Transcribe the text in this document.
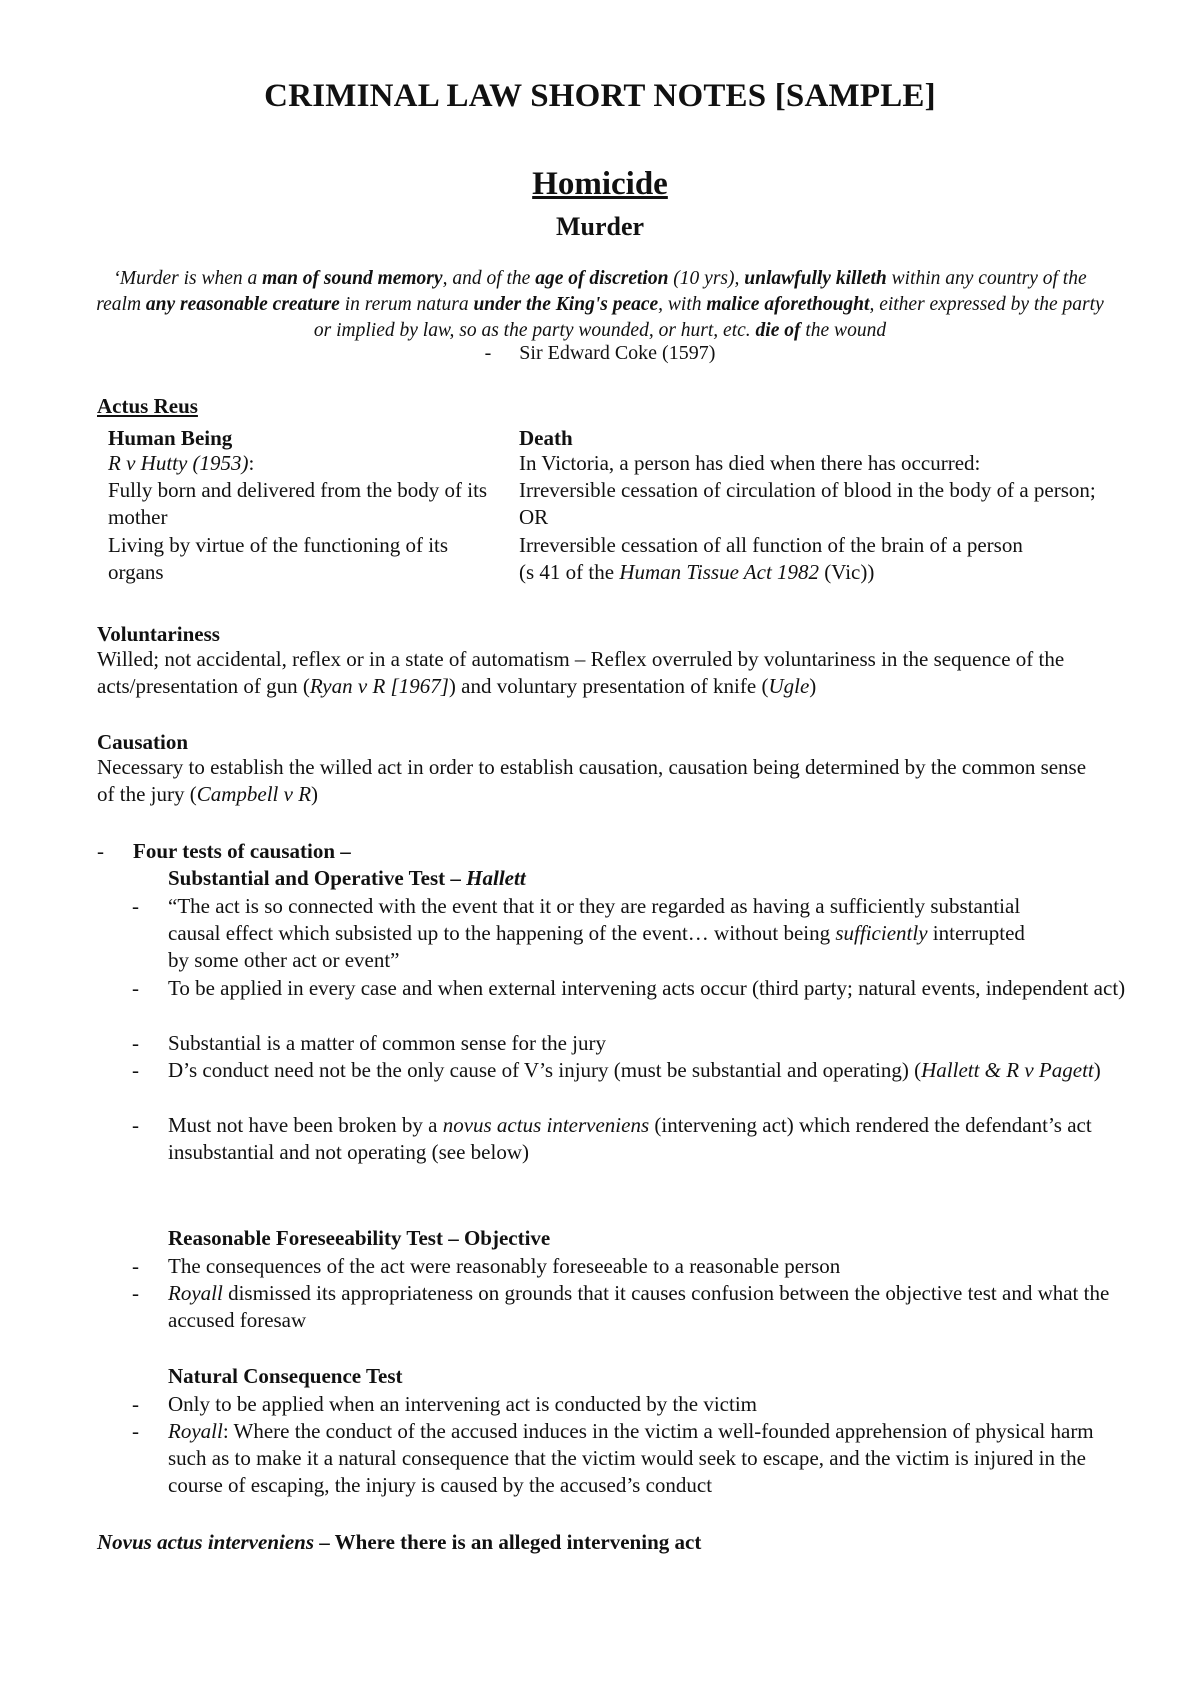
CRIMINAL LAW SHORT NOTES [SAMPLE]
Homicide
Murder
‘Murder is when a man of sound memory, and of the age of discretion (10 yrs), unlawfully killeth within any country of the realm any reasonable creature in rerum natura under the King's peace, with malice aforethought, either expressed by the party or implied by law, so as the party wounded, or hurt, etc. die of the wound
- Sir Edward Coke (1597)
Actus Reus
Human Being
R v Hutty (1953):
Fully born and delivered from the body of its mother
Living by virtue of the functioning of its organs
Death
In Victoria, a person has died when there has occurred:
Irreversible cessation of circulation of blood in the body of a person; OR
Irreversible cessation of all function of the brain of a person
(s 41 of the Human Tissue Act 1982 (Vic))
Voluntariness
Willed; not accidental, reflex or in a state of automatism – Reflex overruled by voluntariness in the sequence of the acts/presentation of gun (Ryan v R [1967]) and voluntary presentation of knife (Ugle)
Causation
Necessary to establish the willed act in order to establish causation, causation being determined by the common sense of the jury (Campbell v R)
- Four tests of causation –
Substantial and Operative Test – Hallett
- “The act is so connected with the event that it or they are regarded as having a sufficiently substantial causal effect which subsisted up to the happening of the event… without being sufficiently interrupted by some other act or event”
- To be applied in every case and when external intervening acts occur (third party; natural events, independent act)
- Substantial is a matter of common sense for the jury
- D’s conduct need not be the only cause of V’s injury (must be substantial and operating) (Hallett & R v Pagett)
- Must not have been broken by a novus actus interveniens (intervening act) which rendered the defendant’s act insubstantial and not operating (see below)
Reasonable Foreseeability Test – Objective
- The consequences of the act were reasonably foreseeable to a reasonable person
- Royall dismissed its appropriateness on grounds that it causes confusion between the objective test and what the accused foresaw
Natural Consequence Test
- Only to be applied when an intervening act is conducted by the victim
- Royall: Where the conduct of the accused induces in the victim a well-founded apprehension of physical harm such as to make it a natural consequence that the victim would seek to escape, and the victim is injured in the course of escaping, the injury is caused by the accused’s conduct
Novus actus interveniens – Where there is an alleged intervening act
